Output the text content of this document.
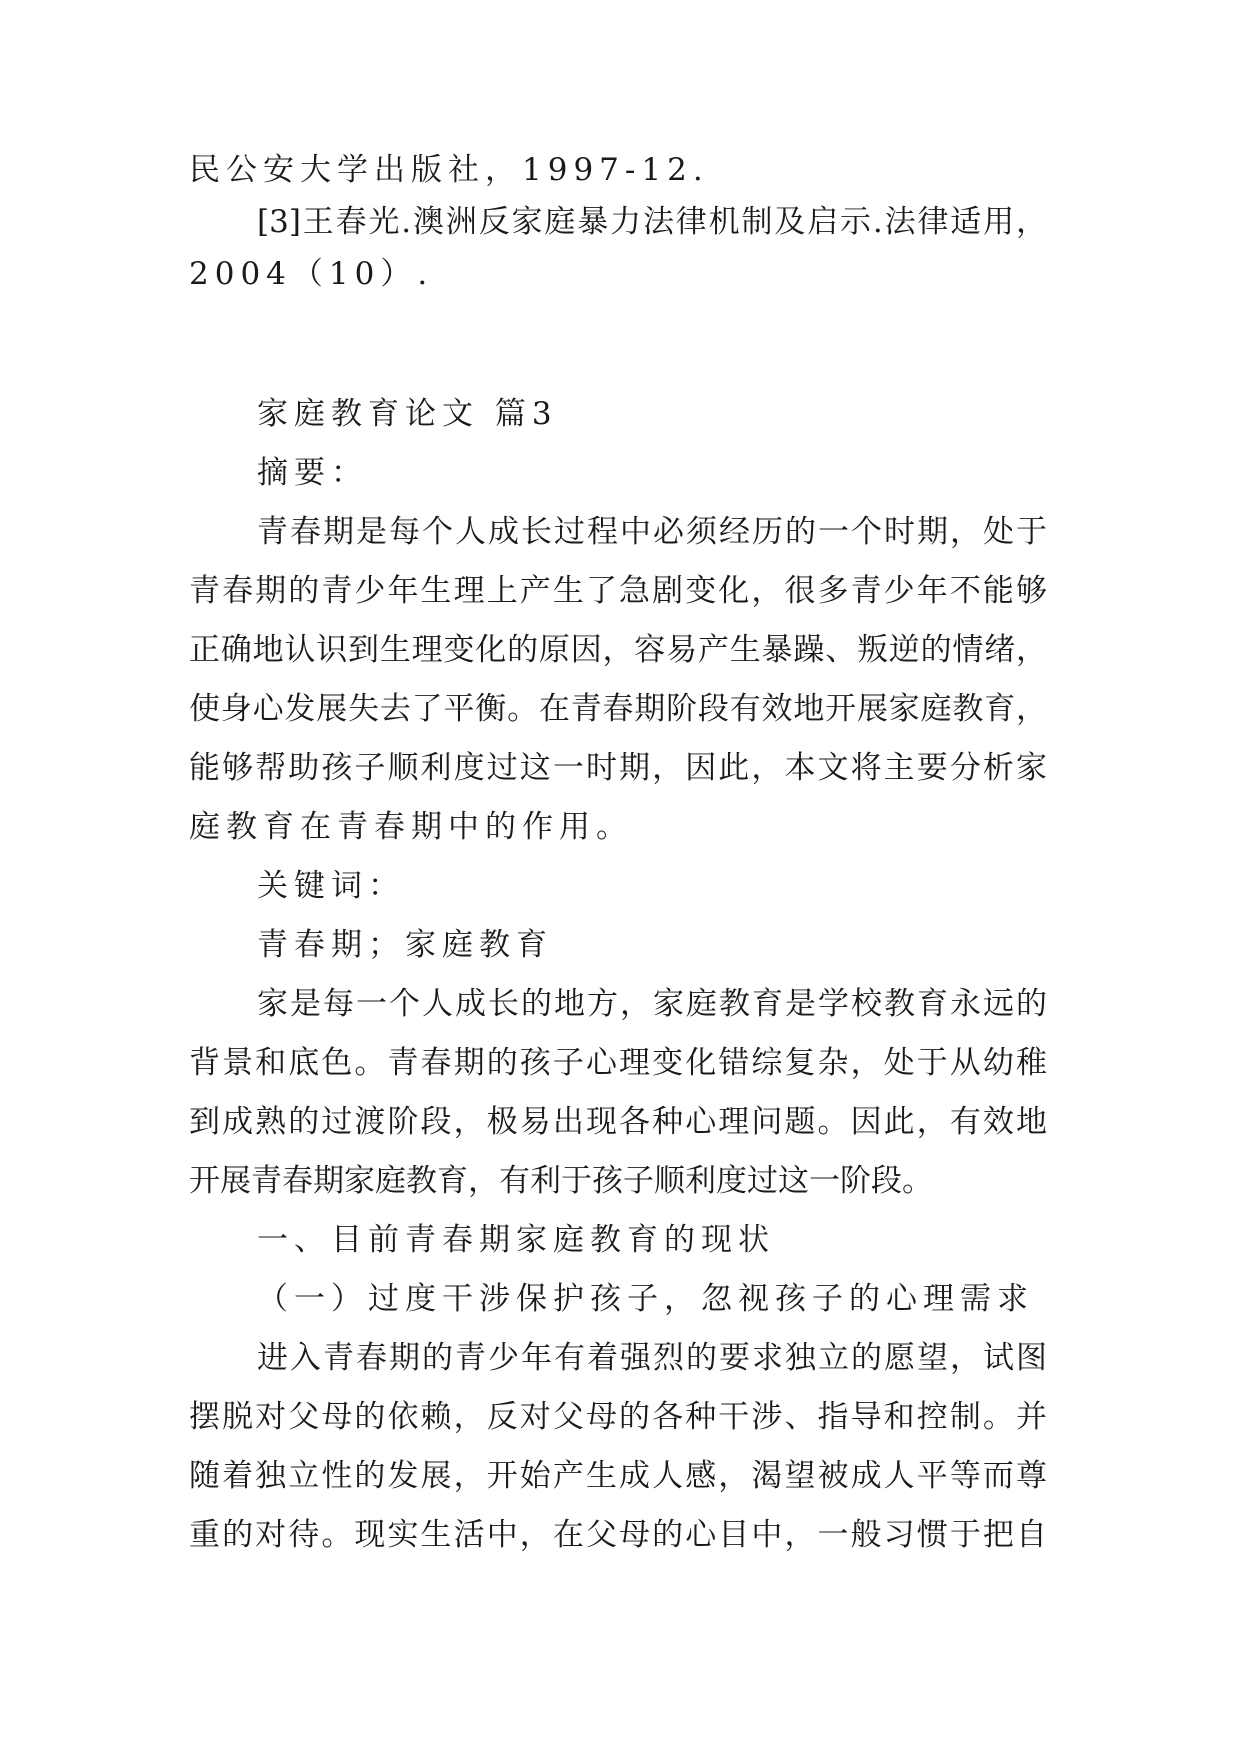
民公安大学出版社，1997-12.
[3]王春光.澳洲反家庭暴力法律机制及启示.法律适用，
2004（10）.
家庭教育论文 篇3
摘要：
青春期是每个人成长过程中必须经历的一个时期，处于
青春期的青少年生理上产生了急剧变化，很多青少年不能够
正确地认识到生理变化的原因，容易产生暴躁、叛逆的情绪，
使身心发展失去了平衡。在青春期阶段有效地开展家庭教育，
能够帮助孩子顺利度过这一时期，因此，本文将主要分析家
庭教育在青春期中的作用。
关键词：
青春期；家庭教育
家是每一个人成长的地方，家庭教育是学校教育永远的
背景和底色。青春期的孩子心理变化错综复杂，处于从幼稚
到成熟的过渡阶段，极易出现各种心理问题。因此，有效地
开展青春期家庭教育，有利于孩子顺利度过这一阶段。
一、目前青春期家庭教育的现状
（一）过度干涉保护孩子，忽视孩子的心理需求
进入青春期的青少年有着强烈的要求独立的愿望，试图
摆脱对父母的依赖，反对父母的各种干涉、指导和控制。并
随着独立性的发展，开始产生成人感，渴望被成人平等而尊
重的对待。现实生活中，在父母的心目中，一般习惯于把自
